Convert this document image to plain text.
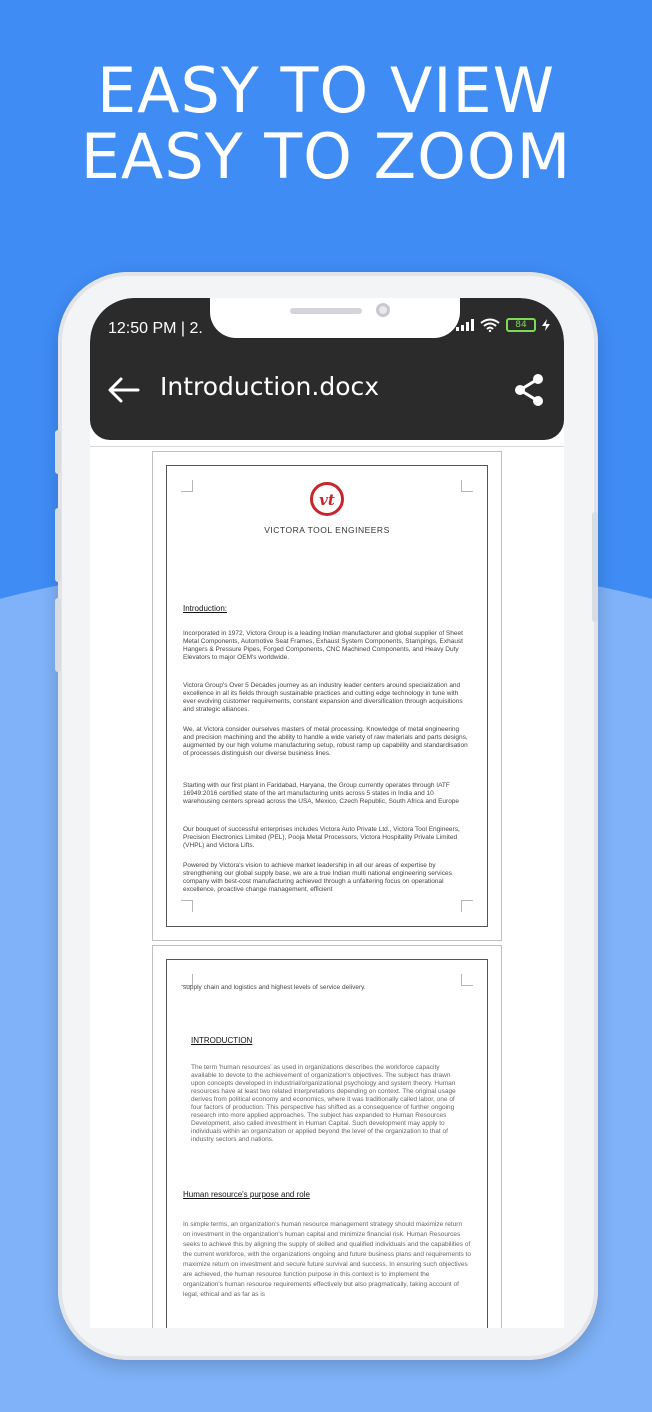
EASY TO VIEW
EASY TO ZOOM
12:50 PM | 2.	84
Introduction.docx
vt
VICTORA TOOL ENGINEERS
Introduction:
Incorporated in 1972, Victora Group is a leading Indian manufacturer and global supplier of Sheet Metal Components, Automotive Seat Frames, Exhaust System Components, Stampings, Exhaust Hangers & Pressure Pipes, Forged Components, CNC Machined Components, and Heavy Duty Elevators to major OEM's worldwide.
Victora Group's Over 5 Decades journey as an industry leader centers around specialization and excellence in all its fields through sustainable practices and cutting edge technology in tune with ever evolving customer requirements, constant expansion and diversification through acquisitions and strategic alliances.
We, at Victora consider ourselves masters of metal processing. Knowledge of metal engineering and precision machining and the ability to handle a wide variety of raw materials and parts designs, augmented by our high volume manufacturing setup, robust ramp up capability and standardisation of processes distinguish our diverse business lines.
Starting with our first plant in Faridabad, Haryana, the Group currently operates through IATF 16949:2016 certified state of the art manufacturing units across 5 states in India and 10 warehousing centers spread across the USA, Mexico, Czech Republic, South Africa and Europe
Our bouquet of successful enterprises includes Victora Auto Private Ltd., Victora Tool Engineers, Precision Electronics Limited (PEL), Pooja Metal Processors, Victora Hospitality Private Limited (VHPL) and Victora Lifts.
Powered by Victora's vision to achieve market leadership in all our areas of expertise by strengthening our global supply base, we are a true Indian multi national engineering services company with best-cost manufacturing achieved through a unfaltering focus on operational excellence, proactive change management, efficient
supply chain and logistics and highest levels of service delivery.
INTRODUCTION
The term 'human resources' as used in organizations describes the workforce capacity available to devote to the achievement of organization's objectives. The subject has drawn upon concepts developed in industrial/organizational psychology and system theory. Human resources have at least two related interpretations depending on context. The original usage derives from political economy and economics, where it was traditionally called labor, one of four factors of production. This perspective has shifted as a consequence of further ongoing research into more applied approaches. The subject has expanded to Human Resources Development, also called investment in Human Capital. Such development may apply to individuals within an organization or applied beyond the level of the organization to that of industry sectors and nations.
Human resource's purpose and role
In simple terms, an organization's human resource management strategy should maximize return on investment in the organization's human capital and minimize financial risk. Human Resources seeks to achieve this by aligning the supply of skilled and qualified individuals and the capabilities of the current workforce, with the organizations ongoing and future business plans and requirements to maximize return on investment and secure future survival and success. In ensuring such objectives are achieved, the human resource function purpose in this context is to implement the organization's human resource requirements effectively but also pragmatically, taking account of legal, ethical and as far as is
